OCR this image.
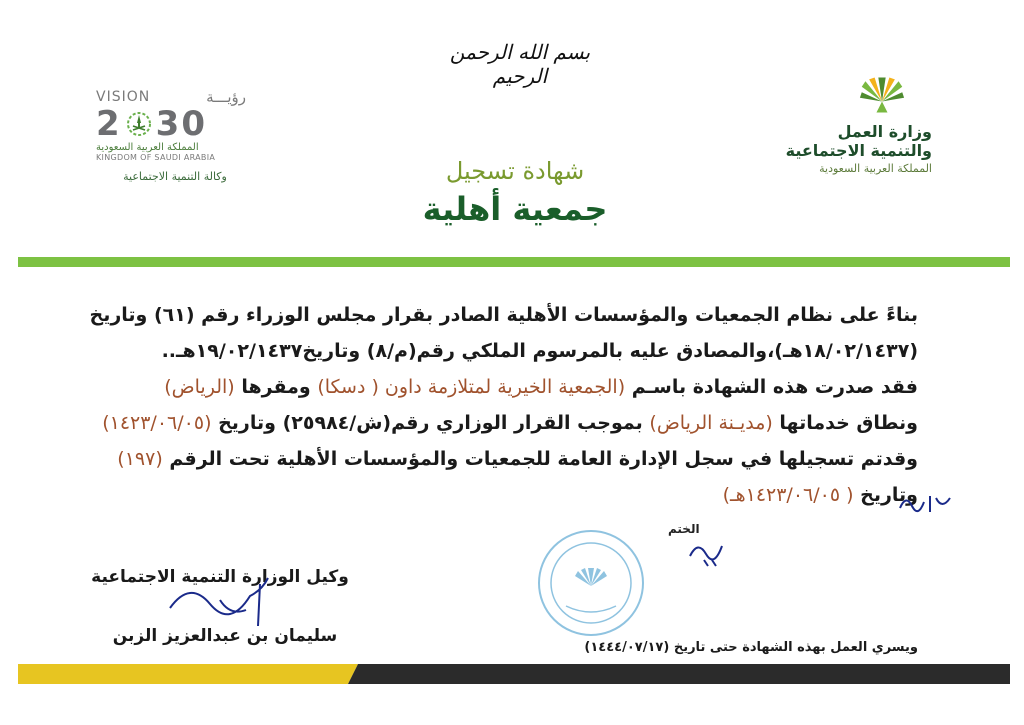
بسم الله الرحمن الرحيم
وزارة العمل
والتنمية الاجتماعية
المملكة العربية السعودية
VISION	رؤيـــة
2 30
المملكة العربية السعودية
KINGDOM OF SAUDI ARABIA
وكالة التنمية الاجتماعية	شهادة تسجيل
جمعية أهلية
بناءً على نظام الجمعيات والمؤسسات الأهلية الصادر بقرار مجلس الوزراء رقم (٦١) وتاريخ
(١٨/٠٢/١٤٣٧هـ)،والمصادق عليه بالمرسوم الملكي رقم(م/٨) وتاريخ١٩/٠٢/١٤٣٧هـ..
فقد صدرت هذه الشهادة باسـم (الجمعية الخيرية لمتلازمة داون ( دسكا) ومقرها (الرياض)
ونطاق خدماتها (مديـنة الرياض) بموجب القرار الوزاري رقم(ش/٢٥٩٨٤) وتاريخ (١٤٢٣/٠٦/٠٥)
وقدتم تسجيلها في سجل الإدارة العامة للجمعيات والمؤسسات الأهلية تحت الرقم (١٩٧)
وتاريخ ( ١٤٢٣/٠٦/٠٥هـ)
الختم
وكيل الوزارة التنمية الاجتماعية
سليمان بن عبدالعزيز الزبن
ويسري العمل بهذه الشهادة حتى تاريخ (١٤٤٤/٠٧/١٧)
